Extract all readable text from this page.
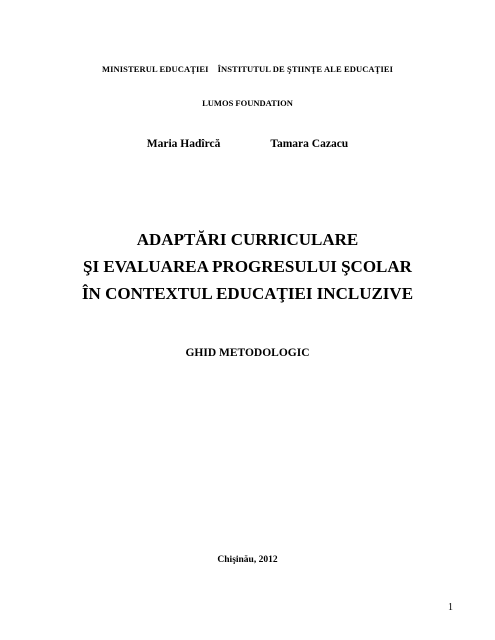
MINISTERUL EDUCAŢIEI ÎNSTITUTUL DE ŞTIINŢE ALE EDUCAŢIEI
LUMOS FOUNDATION
Maria Hadîrcă	Tamara Cazacu
ADAPTĂRI CURRICULARE
ŞI EVALUAREA PROGRESULUI ŞCOLAR
ÎN CONTEXTUL EDUCAŢIEI INCLUZIVE
GHID METODOLOGIC
Chişinău, 2012
1
